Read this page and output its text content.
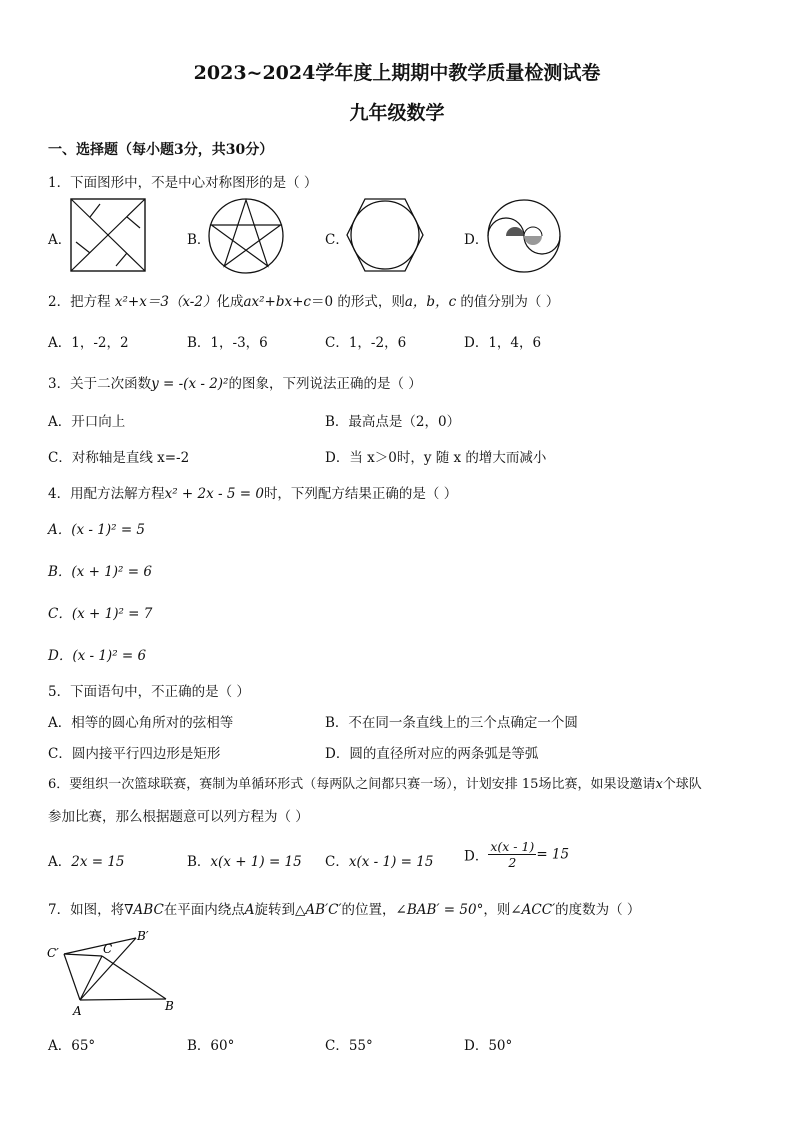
2023~2024学年度上期期中教学质量检测试卷
九年级数学
一、选择题（每小题3分，共30分）
1．下面图形中，不是中心对称图形的是（ ）
A．	B．	C．	D．
2．把方程 x²+x＝3（x-2）化成ax²+bx+c＝0 的形式，则a，b，c 的值分别为（ ）
A．1，-2，2	B．1，-3，6	C．1，-2，6	D．1，4，6
3．关于二次函数y = -(x - 2)²的图象，下列说法正确的是（ ）
A．开口向上	B．最高点是（2，0）
C．对称轴是直线 x=-2	D．当 x＞0时，y 随 x 的增大而减小
4．用配方法解方程x² + 2x - 5 = 0时，下列配方结果正确的是（ ）
A．(x - 1)² = 5
B．(x + 1)² = 6
C．(x + 1)² = 7
D．(x - 1)² = 6
5．下面语句中，不正确的是（ ）
A．相等的圆心角所对的弦相等	B．不在同一条直线上的三个点确定一个圆
C．圆内接平行四边形是矩形	D．圆的直径所对应的两条弧是等弧
6．要组织一次篮球联赛，赛制为单循环形式（每两队之间都只赛一场），计划安排 15场比赛，如果设邀请x个球队
参加比赛，那么根据题意可以列方程为（ ）
A．2x = 15	B．x(x + 1) = 15 C．x(x - 1) = 15 D． $\frac{x(x - 1)}{2} = 15$
7．如图，将∇ABC在平面内绕点A旋转到△AB′C′的位置，∠BAB′ = 50°，则∠ACC′的度数为（ ）
C′	C
B′
A	B
A．65°	B．60°	C．55°	D．50°
